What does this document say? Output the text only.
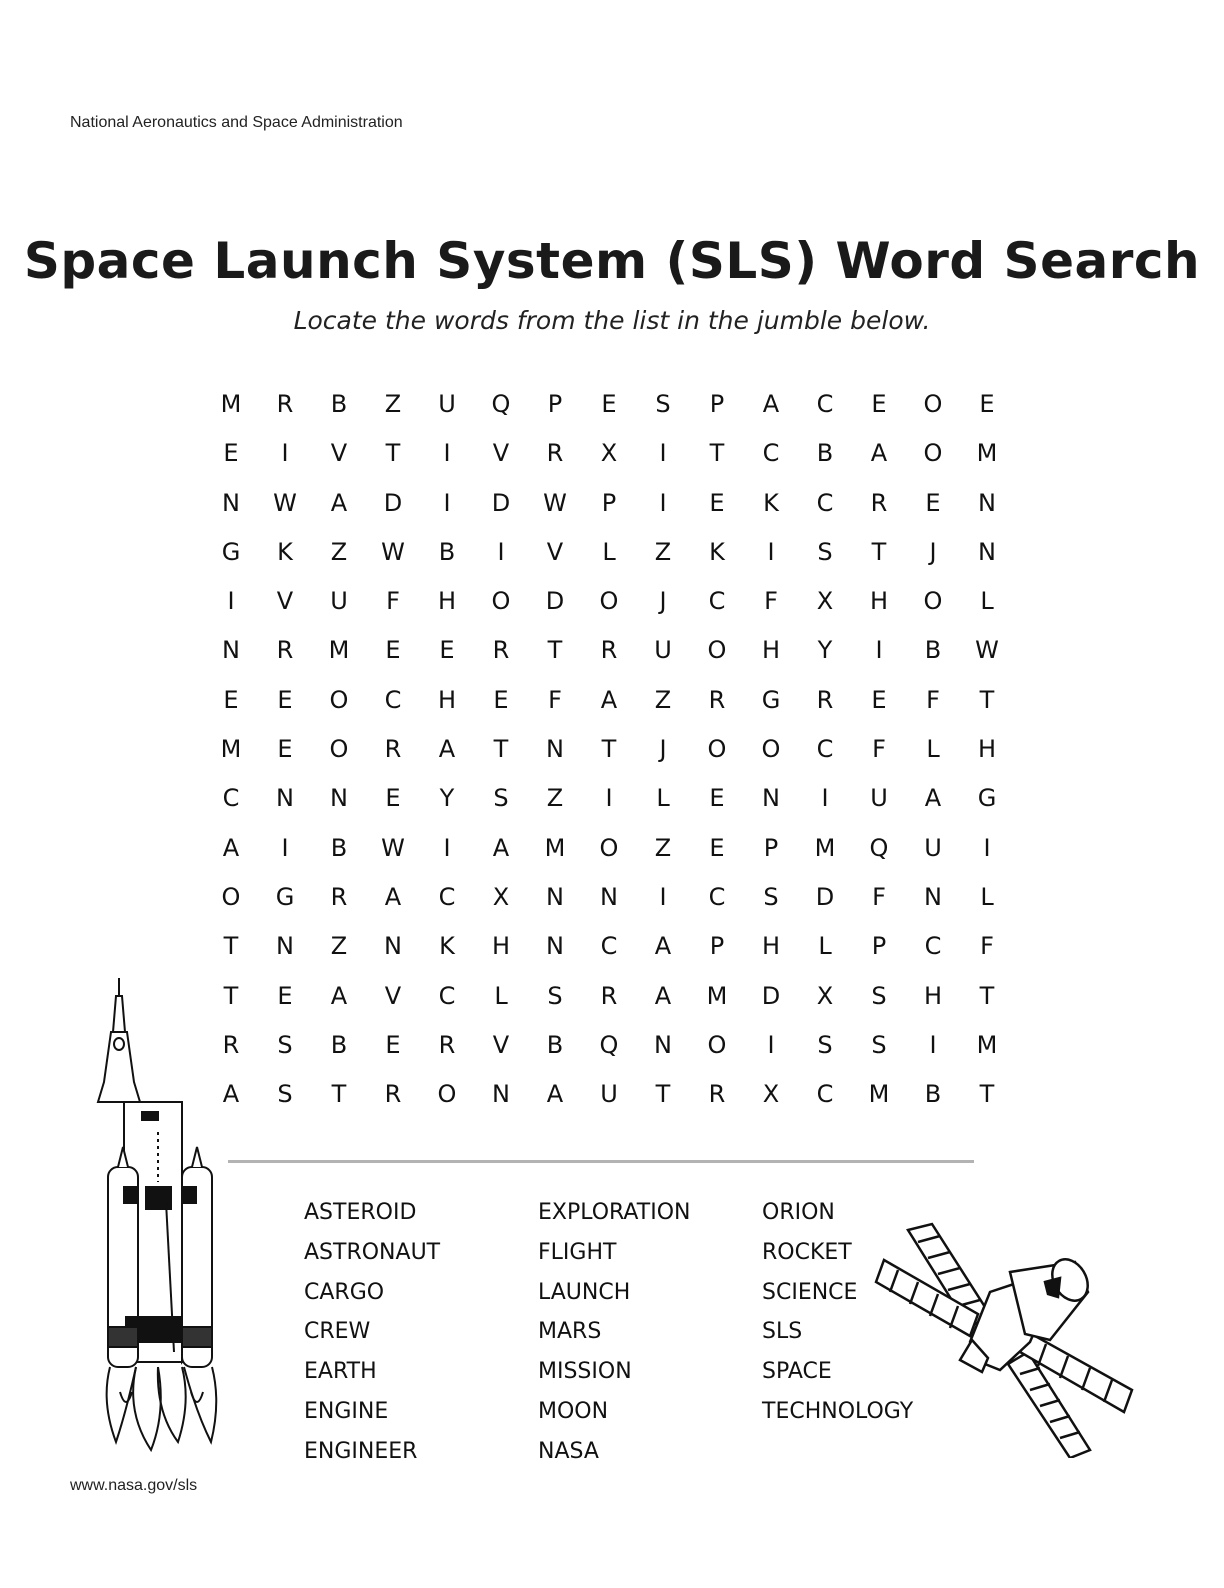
National Aeronautics and Space Administration
Space Launch System (SLS) Word Search
Locate the words from the list in the jumble below.
M	R	B	Z	U	Q	P	E	S	P	A	C	E	O	E
E	I	V	T	I	V	R	X	I	T	C	B	A	O	M
N	W	A	D	I	D	W	P	I	E	K	C	R	E	N
G	K	Z	W	B	I	V	L	Z	K	I	S	T	J	N
I	V	U	F	H	O	D	O	J	C	F	X	H	O	L
N	R	M	E	E	R	T	R	U	O	H	Y	I	B	W
E	E	O	C	H	E	F	A	Z	R	G	R	E	F	T
M	E	O	R	A	T	N	T	J	O	O	C	F	L	H
C	N	N	E	Y	S	Z	I	L	E	N	I	U	A	G
A	I	B	W	I	A	M	O	Z	E	P	M	Q	U	I
O	G	R	A	C	X	N	N	I	C	S	D	F	N	L
T	N	Z	N	K	H	N	C	A	P	H	L	P	C	F
T	E	A	V	C	L	S	R	A	M	D	X	S	H	T
R	S	B	E	R	V	B	Q	N	O	I	S	S	I	M
A	S	T	R	O	N	A	U	T	R	X	C	M	B	T
ASTEROID
ASTRONAUT
CARGO
CREW
EARTH
ENGINE
ENGINEER
EXPLORATION
FLIGHT
LAUNCH
MARS
MISSION
MOON
NASA
ORION
ROCKET
SCIENCE
SLS
SPACE
TECHNOLOGY
www.nasa.gov/sls
